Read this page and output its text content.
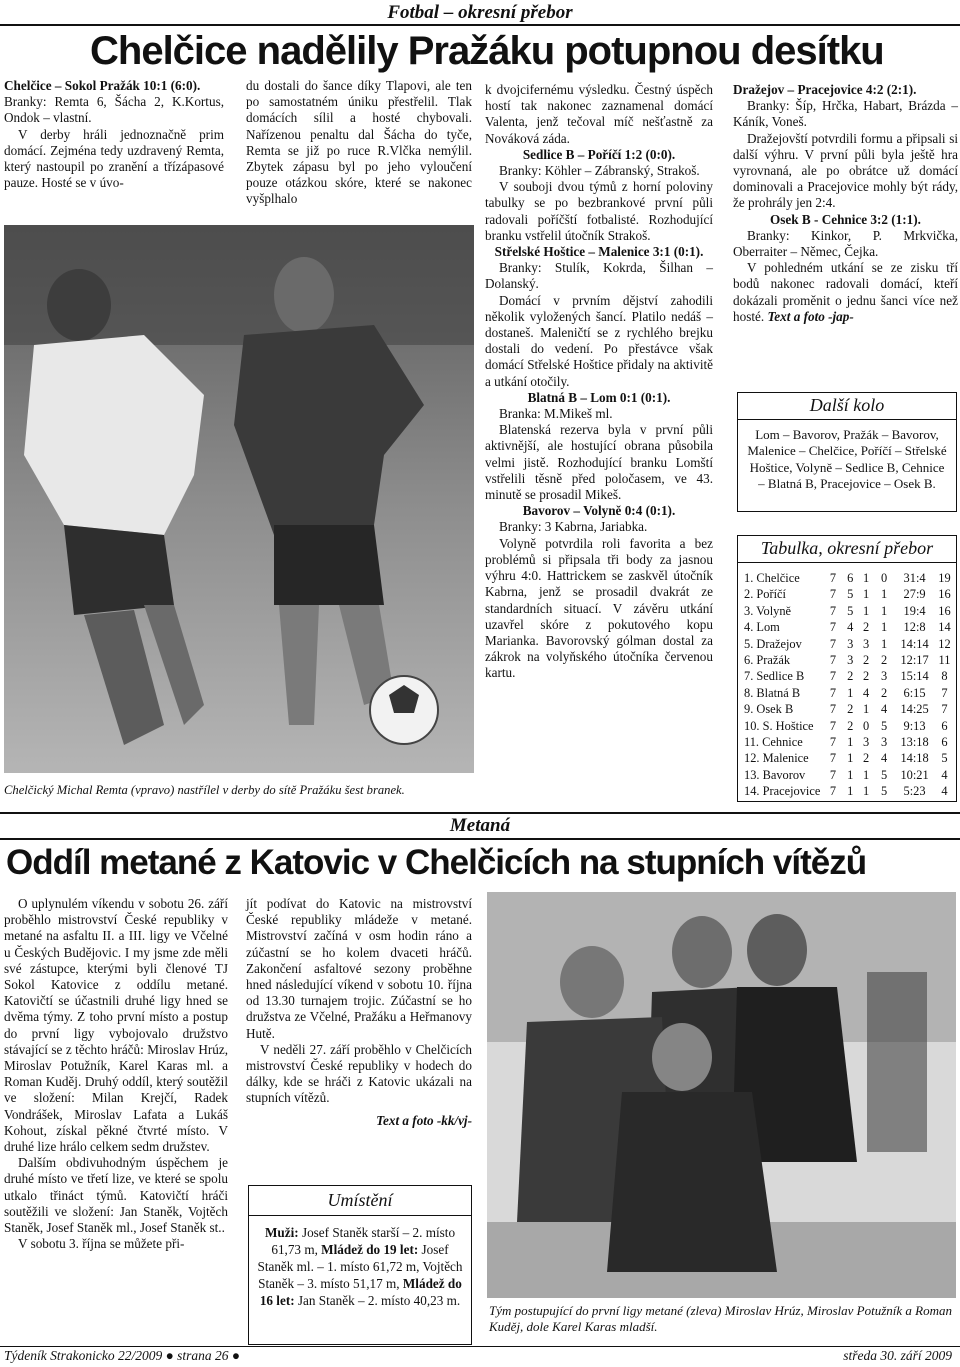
Fotbal – okresní přebor
Chelčice nadělily Pražáku potupnou desítku

Chelčice – Sokol Pražák 10:1 (6:0).

Branky: Remta 6, Šácha 2, K.Kortus, Ondok – vlastní.

V derby hráli jednoznačně prim domácí. Zejména tedy uzdravený Remta, který nastoupil po zranění a třízápasové pauze. Hosté se v úvo-

du dostali do šance díky Tlapovi, ale ten po samostatném úniku přestřelil. Tlak domácích sílil a hosté chybovali. Nařízenou penaltu dal Šácha do tyče, Remta se již po ruce R.Vlčka nemýlil. Zbytek zápasu byl po jeho vyloučení pouze otázkou skóre, které se nakonec vyšplhalo

Chelčický Michal Remta (vpravo) nastřílel v derby do sítě Pražáku šest branek.

k dvojcifernému výsledku. Čestný úspěch hostí tak nakonec zaznamenal domácí Valenta, jenž tečoval míč nešťastně za Nováková záda.

Sedlice B – Poříčí 1:2 (0:0).

Branky: Köhler – Zábranský, Strakoš.

V souboji dvou týmů z horní poloviny tabulky se po bezbrankové první půli radovali poříčští fotbalisté. Rozhodující branku vstřelil útočník Strakoš.

Střelské Hoštice – Malenice 3:1 (0:1).

Branky: Stulík, Kokrda, Šilhan – Dolanský.

Domácí v prvním dějství zahodili několik vyložených šancí. Platilo nedáš – dostaneš. Maleničtí se z rychlého brejku dostali do vedení. Po přestávce však domácí Střelské Hoštice přidaly na aktivitě a utkání otočily.

Blatná B – Lom 0:1 (0:1).

Branka: M.Mikeš ml.

Blatenská rezerva byla v první půli aktivnější, ale hostující obrana působila velmi jistě. Rozhodující branku Lomští vstřelili těsně před poločasem, ve 43. minutě se prosadil Mikeš.

Bavorov – Volyně 0:4 (0:1).

Branky: 3 Kabrna, Jariabka.

Volyně potvrdila roli favorita a bez problémů si připsala tři body za jasnou výhru 4:0. Hattrickem se zaskvěl útočník Kabrna, jenž se prosadil dvakrát ze standardních situací. V závěru utkání uzavřel skóre z pokutového kopu Marianka. Bavorovský gólman dostal za zákrok na volyňského útočníka červenou kartu.

Dražejov – Pracejovice 4:2 (2:1).

Branky: Šíp, Hrčka, Habart, Brázda – Káník, Voneš.

Dražejovští potvrdili formu a připsali si další výhru. V první půli byla ještě hra vyrovnaná, ale po obrátce už domácí dominovali a Pracejovice mohly být rády, že prohrály jen 2:4.

Osek B - Cehnice 3:2 (1:1).

Branky: Kinkor, P. Mrkvička, Oberraiter – Němec, Čejka.

V pohledném utkání se ze zisku tří bodů nakonec radovali domácí, kteří dokázali proměnit o jednu šanci více než hosté. Text a foto -jap-

Další kolo
Lom – Bavorov, Pražák – Bavorov, Malenice – Chelčice, Poříčí – Střelské Hoštice, Volyně – Sedlice B, Cehnice – Blatná B, Pracejovice – Osek B.
Tabulka, okresní přebor
1. Chelčice	7	6	1	0	31:4	19
2. Poříčí	7	5	1	1	27:9	16
3. Volyně	7	5	1	1	19:4	16
4. Lom	7	4	2	1	12:8	14
5. Dražejov	7	3	3	1	14:14	12
6. Pražák	7	3	2	2	12:17	11
7. Sedlice B	7	2	2	3	15:14	8
8. Blatná B	7	1	4	2	6:15	7
9. Osek B	7	2	1	4	14:25	7
10. S. Hoštice	7	2	0	5	9:13	6
11. Cehnice	7	1	3	3	13:18	6
12. Malenice	7	1	2	4	14:18	5
13. Bavorov	7	1	1	5	10:21	4
14. Pracejovice	7	1	1	5	5:23	4
Metaná
Oddíl metané z Katovic v Chelčicích na stupních vítězů

O uplynulém víkendu v sobotu 26. září proběhlo mistrovství České republiky v metané na asfaltu II. a III. ligy ve Včelné u Českých Budějovic. I my jsme zde měli své zástupce, kterými byli členové TJ Sokol Katovice z oddílu metané. Katovičtí se účastnili druhé ligy hned se dvěma týmy. Z toho první místo a postup do první ligy vybojovalo družstvo stávající se z těchto hráčů: Miroslav Hrúz, Miroslav Potužník, Karel Karas ml. a Roman Kuděj. Druhý oddíl, který soutěžil ve složení: Milan Krejčí, Radek Vondrášek, Miroslav Lafata a Lukáš Kohout, získal pěkné čtvrté místo. V druhé lize hrálo celkem sedm družstev.

Dalším obdivuhodným úspěchem je druhé místo ve třetí lize, ve které se spolu utkalo třináct týmů. Katovičtí hráči soutěžili ve složení: Jan Staněk, Vojtěch Staněk, Josef Staněk ml., Josef Staněk st..

V sobotu 3. října se můžete při-

jít podívat do Katovic na mistrovství České republiky mládeže v metané. Mistrovství začíná v osm hodin ráno a zúčastní se ho kolem dvaceti hráčů. Zakončení asfaltové sezony proběhne hned následující víkend v sobotu 10. října od 13.30 turnajem trojic. Zúčastní se ho družstva ze Včelné, Pražáku a Heřmanovy Hutě.

V neděli 27. září proběhlo v Chelčicích mistrovství České republiky v hodech do dálky, kde se hráči z Katovic ukázali na stupních vítězů.

Text a foto -kk/vj-

Umístění
Muži: Josef Staněk starší – 2. místo 61,73 m, Mládež do 19 let: Josef Staněk ml. – 1. místo 61,72 m, Vojtěch Staněk – 3. místo 51,17 m, Mládež do 16 let: Jan Staněk – 2. místo 40,23 m.
Tým postupující do první ligy metané (zleva) Miroslav Hrúz, Miroslav Potužník a Roman Kuděj, dole Karel Karas mladší.
Týdeník Strakonicko 22/2009 ● strana 26 ●	středa 30. září 2009
